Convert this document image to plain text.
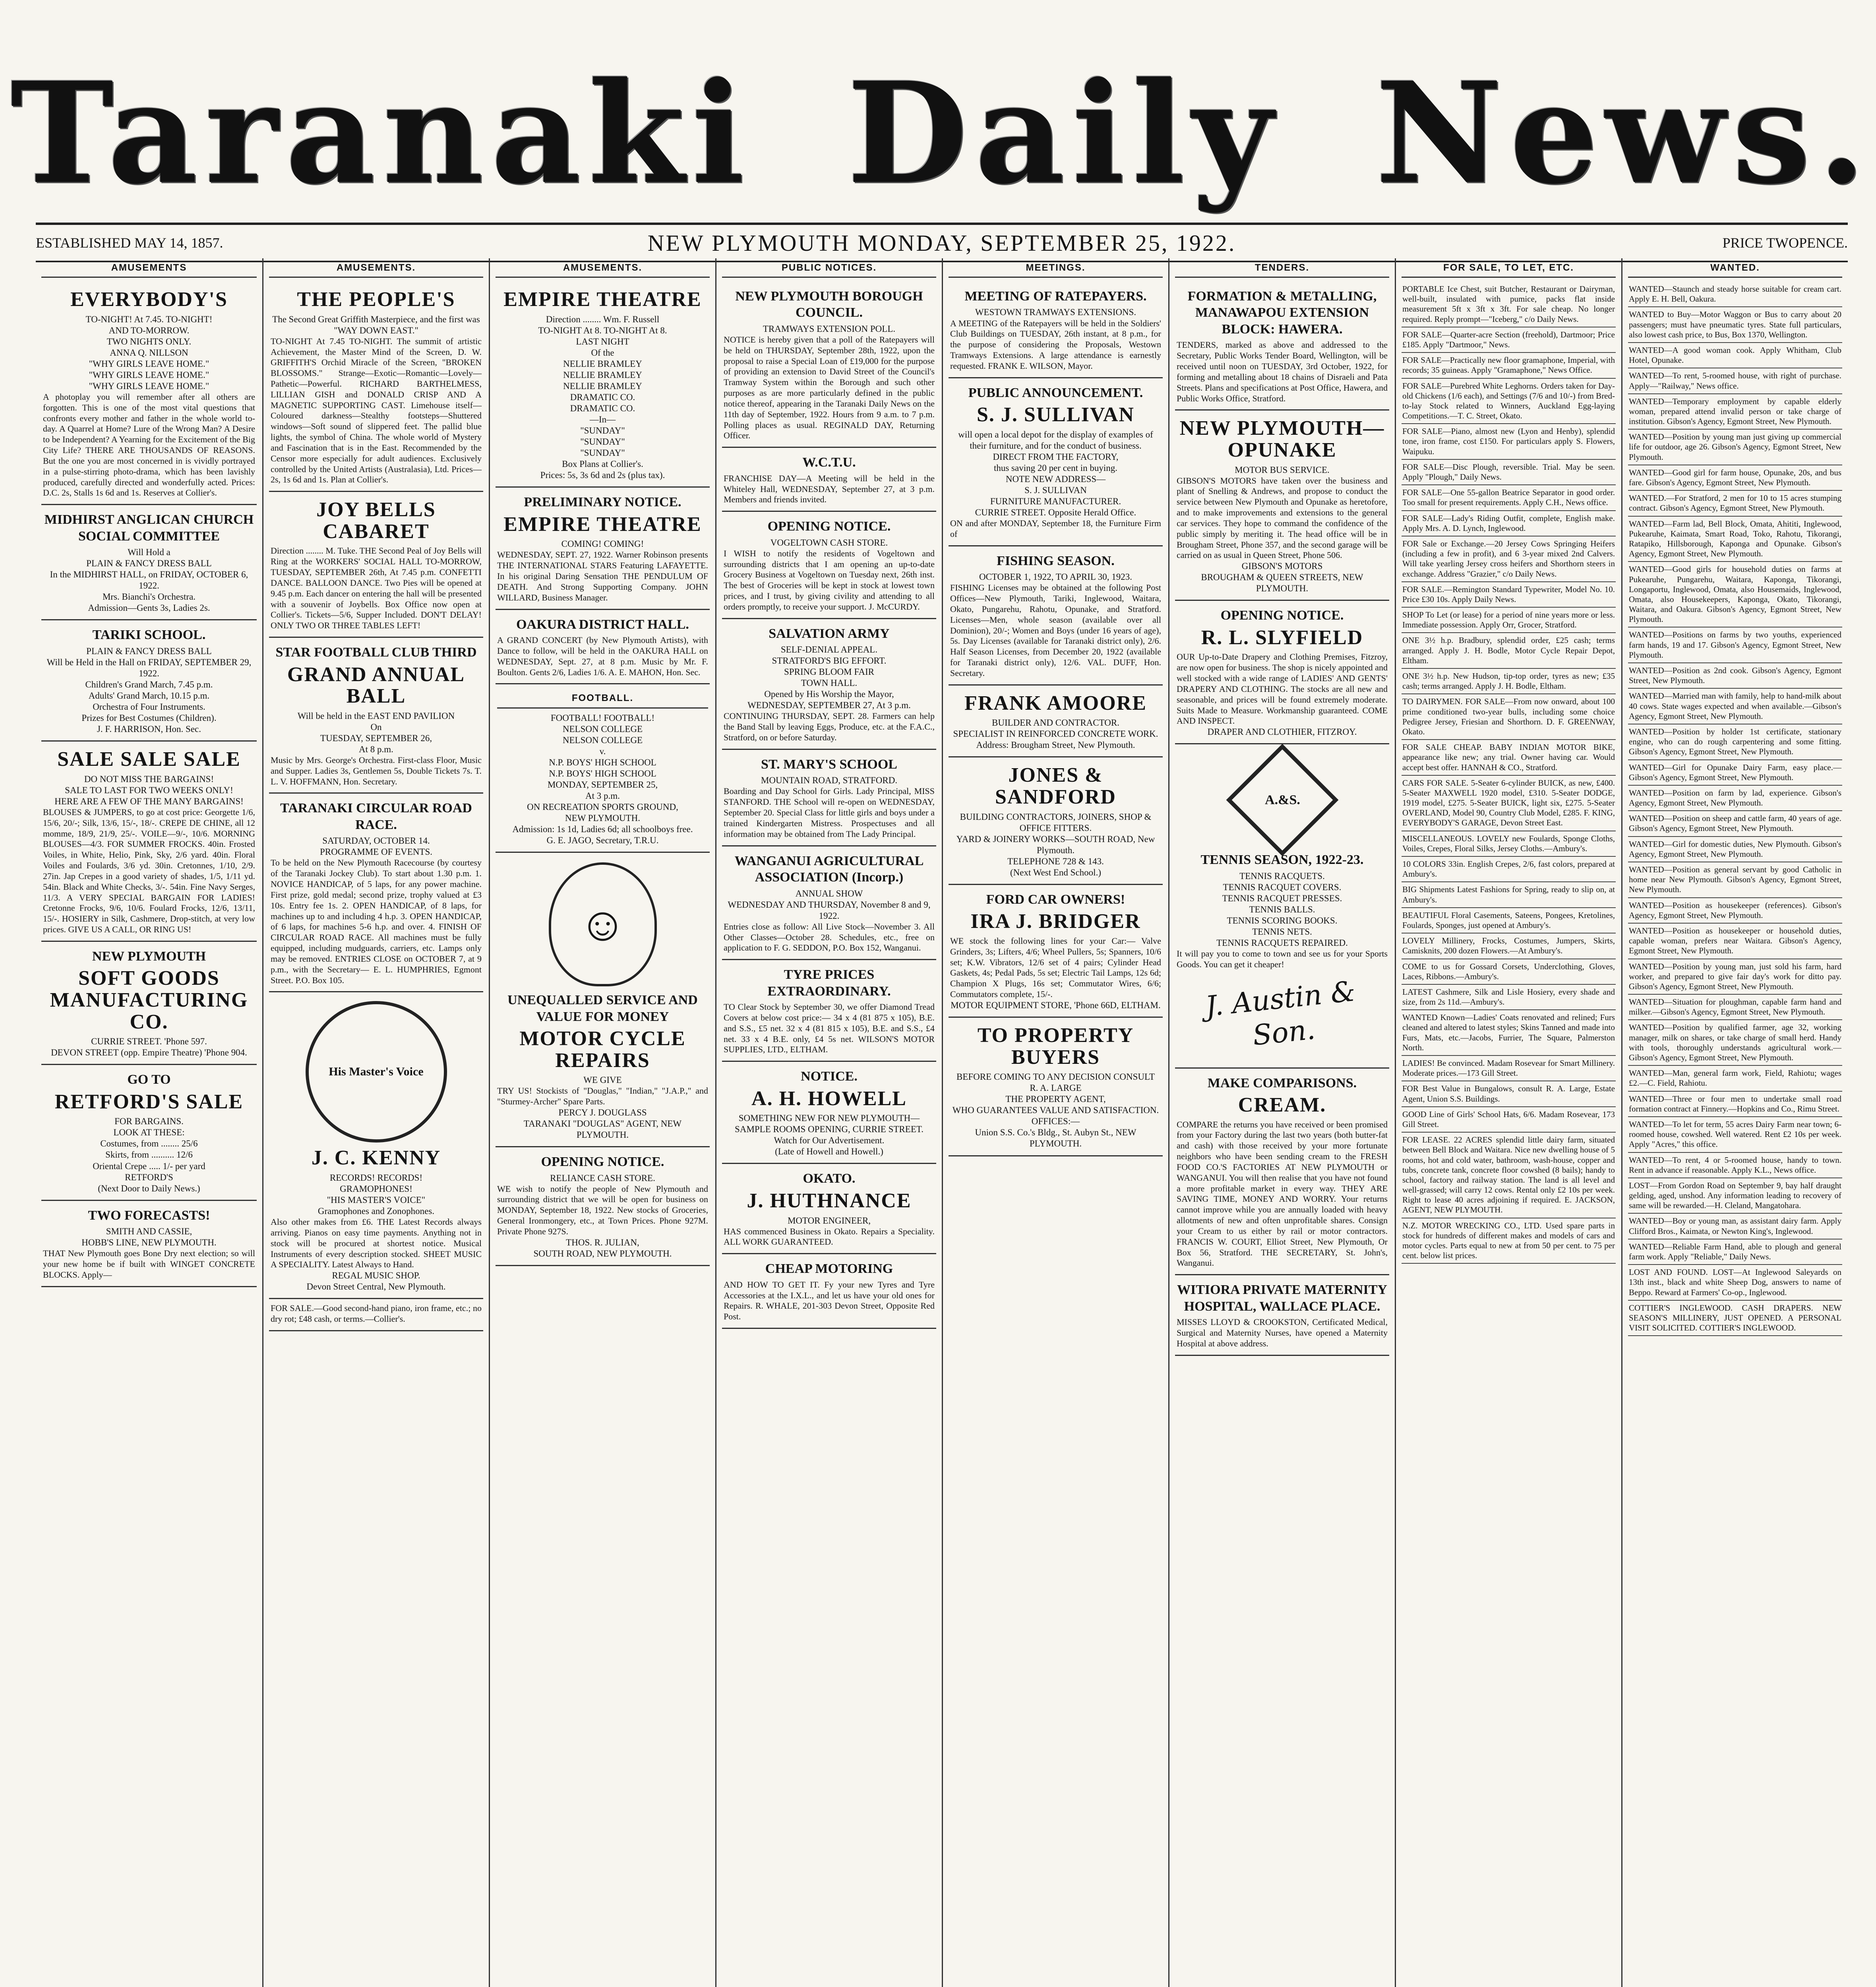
Taranaki Daily News.
ESTABLISHED MAY 14, 1857.	NEW PLYMOUTH MONDAY, SEPTEMBER 25, 1922.	PRICE TWOPENCE.
AMUSEMENTS
EVERYBODY'S
TO-NIGHT! At 7.45. TO-NIGHT!
AND TO-MORROW.
TWO NIGHTS ONLY.
ANNA Q. NILLSON
"WHY GIRLS LEAVE HOME."
"WHY GIRLS LEAVE HOME."
"WHY GIRLS LEAVE HOME."
A photoplay you will remember after all others are forgotten. This is one of the most vital questions that confronts every mother and father in the whole world to-day. A Quarrel at Home? Lure of the Wrong Man? A Desire to be Independent? A Yearning for the Excitement of the Big City Life? THERE ARE THOUSANDS OF REASONS. But the one you are most concerned in is vividly portrayed in a pulse-stirring photo-drama, which has been lavishly produced, carefully directed and wonderfully acted. Prices: D.C. 2s, Stalls 1s 6d and 1s. Reserves at Collier's.
MIDHIRST ANGLICAN CHURCH SOCIAL COMMITTEE
Will Hold a
PLAIN & FANCY DRESS BALL
In the MIDHIRST HALL, on FRIDAY, OCTOBER 6, 1922.
Mrs. Bianchi's Orchestra.
Admission—Gents 3s, Ladies 2s.
TARIKI SCHOOL.
PLAIN & FANCY DRESS BALL
Will be Held in the Hall on FRIDAY, SEPTEMBER 29, 1922.
Children's Grand March, 7.45 p.m.
Adults' Grand March, 10.15 p.m.
Orchestra of Four Instruments.
Prizes for Best Costumes (Children).
J. F. HARRISON, Hon. Sec.
SALE SALE SALE
DO NOT MISS THE BARGAINS!
SALE TO LAST FOR TWO WEEKS ONLY!
HERE ARE A FEW OF THE MANY BARGAINS!
BLOUSES & JUMPERS, to go at cost price: Georgette 1/6, 15/6, 20/-; Silk, 13/6, 15/-, 18/-. CREPE DE CHINE, all 12 momme, 18/9, 21/9, 25/-. VOILE—9/-, 10/6. MORNING BLOUSES—4/3. FOR SUMMER FROCKS. 40in. Frosted Voiles, in White, Helio, Pink, Sky, 2/6 yard. 40in. Floral Voiles and Foulards, 3/6 yd. 30in. Cretonnes, 1/10, 2/9. 27in. Jap Crepes in a good variety of shades, 1/5, 1/11 yd. 54in. Black and White Checks, 3/-. 54in. Fine Navy Serges, 11/3. A VERY SPECIAL BARGAIN FOR LADIES! Cretonne Frocks, 9/6, 10/6. Foulard Frocks, 12/6, 13/11, 15/-. HOSIERY in Silk, Cashmere, Drop-stitch, at very low prices. GIVE US A CALL, OR RING US!
NEW PLYMOUTH
SOFT GOODS MANUFACTURING CO.
CURRIE STREET. 'Phone 597.
DEVON STREET (opp. Empire Theatre) 'Phone 904.
GO TO
RETFORD'S SALE
FOR BARGAINS.
LOOK AT THESE:
Costumes, from ........ 25/6
Skirts, from .......... 12/6
Oriental Crepe ..... 1/- per yard
RETFORD'S
(Next Door to Daily News.)
TWO FORECASTS!
SMITH AND CASSIE,
HOBB'S LINE, NEW PLYMOUTH.
THAT New Plymouth goes Bone Dry next election; so will your new home be if built with WINGET CONCRETE BLOCKS. Apply—
AMUSEMENTS.
THE PEOPLE'S
The Second Great Griffith Masterpiece, and the first was
"WAY DOWN EAST."
TO-NIGHT At 7.45 TO-NIGHT. The summit of artistic Achievement, the Master Mind of the Screen, D. W. GRIFFITH'S Orchid Miracle of the Screen, "BROKEN BLOSSOMS." Strange—Exotic—Romantic—Lovely—Pathetic—Powerful. RICHARD BARTHELMESS, LILLIAN GISH and DONALD CRISP AND A MAGNETIC SUPPORTING CAST. Limehouse itself—Coloured darkness—Stealthy footsteps—Shuttered windows—Soft sound of slippered feet. The pallid blue lights, the symbol of China. The whole world of Mystery and Fascination that is in the East. Recommended by the Censor more especially for adult audiences. Exclusively controlled by the United Artists (Australasia), Ltd. Prices—2s, 1s 6d and 1s. Plan at Collier's.
JOY BELLS CABARET
Direction ........ M. Tuke. THE Second Peal of Joy Bells will Ring at the WORKERS' SOCIAL HALL TO-MORROW, TUESDAY, SEPTEMBER 26th, At 7.45 p.m. CONFETTI DANCE. BALLOON DANCE. Two Pies will be opened at 9.45 p.m. Each dancer on entering the hall will be presented with a souvenir of Joybells. Box Office now open at Collier's. Tickets—5/6, Supper Included. DON'T DELAY! ONLY TWO OR THREE TABLES LEFT!
STAR FOOTBALL CLUB THIRD
GRAND ANNUAL BALL
Will be held in the EAST END PAVILION
On
TUESDAY, SEPTEMBER 26,
At 8 p.m.
Music by Mrs. George's Orchestra. First-class Floor, Music and Supper. Ladies 3s, Gentlemen 5s, Double Tickets 7s. T. L. V. HOFFMANN, Hon. Secretary.
TARANAKI CIRCULAR ROAD RACE.
SATURDAY, OCTOBER 14.
PROGRAMME OF EVENTS.
To be held on the New Plymouth Racecourse (by courtesy of the Taranaki Jockey Club). To start about 1.30 p.m. 1. NOVICE HANDICAP, of 5 laps, for any power machine. First prize, gold medal; second prize, trophy valued at £3 10s. Entry fee 1s. 2. OPEN HANDICAP, of 8 laps, for machines up to and including 4 h.p. 3. OPEN HANDICAP, of 6 laps, for machines 5-6 h.p. and over. 4. FINISH OF CIRCULAR ROAD RACE. All machines must be fully equipped, including mudguards, carriers, etc. Lamps only may be removed. ENTRIES CLOSE on OCTOBER 7, at 9 p.m., with the Secretary— E. L. HUMPHRIES, Egmont Street. P.O. Box 105.
His Master's Voice
J. C. KENNY
RECORDS! RECORDS!
GRAMOPHONES!
"HIS MASTER'S VOICE"
Gramophones and Zonophones.
Also other makes from £6. THE Latest Records always arriving. Pianos on easy time payments. Anything not in stock will be procured at shortest notice. Musical Instruments of every description stocked. SHEET MUSIC A SPECIALITY. Latest Always to Hand.
REGAL MUSIC SHOP.
Devon Street Central, New Plymouth.
FOR SALE.—Good second-hand piano, iron frame, etc.; no dry rot; £48 cash, or terms.—Collier's.
AMUSEMENTS.
EMPIRE THEATRE
Direction ........ Wm. F. Russell
TO-NIGHT At 8. TO-NIGHT At 8.
LAST NIGHT
Of the
NELLIE BRAMLEY
NELLIE BRAMLEY
NELLIE BRAMLEY
DRAMATIC CO.
DRAMATIC CO.
—In—
"SUNDAY"
"SUNDAY"
"SUNDAY"
Box Plans at Collier's.
Prices: 5s, 3s 6d and 2s (plus tax).
PRELIMINARY NOTICE.
EMPIRE THEATRE
COMING! COMING!
WEDNESDAY, SEPT. 27, 1922. Warner Robinson presents THE INTERNATIONAL STARS Featuring LAFAYETTE. In his original Daring Sensation THE PENDULUM OF DEATH. And Strong Supporting Company. JOHN WILLARD, Business Manager.
OAKURA DISTRICT HALL.
A GRAND CONCERT (by New Plymouth Artists), with Dance to follow, will be held in the OAKURA HALL on WEDNESDAY, Sept. 27, at 8 p.m. Music by Mr. F. Boulton. Gents 2/6, Ladies 1/6. A. E. MAHON, Hon. Sec.
FOOTBALL.
FOOTBALL! FOOTBALL!
NELSON COLLEGE
NELSON COLLEGE
v.
N.P. BOYS' HIGH SCHOOL
N.P. BOYS' HIGH SCHOOL
MONDAY, SEPTEMBER 25,
At 3 p.m.
ON RECREATION SPORTS GROUND,
NEW PLYMOUTH.
Admission: 1s 1d, Ladies 6d; all schoolboys free.
G. E. JAGO, Secretary, T.R.U.
☺
UNEQUALLED SERVICE AND VALUE FOR MONEY
MOTOR CYCLE REPAIRS
WE GIVE
TRY US! Stockists of "Douglas," "Indian," "J.A.P.," and "Sturmey-Archer" Spare Parts.
PERCY J. DOUGLASS
TARANAKI "DOUGLAS" AGENT, NEW PLYMOUTH.
OPENING NOTICE.
RELIANCE CASH STORE.
WE wish to notify the people of New Plymouth and surrounding district that we will be open for business on MONDAY, September 18, 1922. New stocks of Groceries, General Ironmongery, etc., at Town Prices. Phone 927M. Private Phone 927S.
THOS. R. JULIAN,
SOUTH ROAD, NEW PLYMOUTH.
PUBLIC NOTICES.
NEW PLYMOUTH BOROUGH COUNCIL.
TRAMWAYS EXTENSION POLL.
NOTICE is hereby given that a poll of the Ratepayers will be held on THURSDAY, September 28th, 1922, upon the proposal to raise a Special Loan of £19,000 for the purpose of providing an extension to David Street of the Council's Tramway System within the Borough and such other purposes as are more particularly defined in the public notice thereof, appearing in the Taranaki Daily News on the 11th day of September, 1922. Hours from 9 a.m. to 7 p.m. Polling places as usual. REGINALD DAY, Returning Officer.
W.C.T.U.
FRANCHISE DAY—A Meeting will be held in the Whiteley Hall, WEDNESDAY, September 27, at 3 p.m. Members and friends invited.
OPENING NOTICE.
VOGELTOWN CASH STORE.
I WISH to notify the residents of Vogeltown and surrounding districts that I am opening an up-to-date Grocery Business at Vogeltown on Tuesday next, 26th inst. The best of Groceries will be kept in stock at lowest town prices, and I trust, by giving civility and attending to all orders promptly, to receive your support. J. McCURDY.
SALVATION ARMY
SELF-DENIAL APPEAL.
STRATFORD'S BIG EFFORT.
SPRING BLOOM FAIR
TOWN HALL.
Opened by His Worship the Mayor,
WEDNESDAY, SEPTEMBER 27, At 3 p.m.
CONTINUING THURSDAY, SEPT. 28. Farmers can help the Band Stall by leaving Eggs, Produce, etc. at the F.A.C., Stratford, on or before Saturday.
ST. MARY'S SCHOOL
MOUNTAIN ROAD, STRATFORD.
Boarding and Day School for Girls. Lady Principal, MISS STANFORD. THE School will re-open on WEDNESDAY, September 20. Special Class for little girls and boys under a trained Kindergarten Mistress. Prospectuses and all information may be obtained from The Lady Principal.
WANGANUI AGRICULTURAL ASSOCIATION (Incorp.)
ANNUAL SHOW
WEDNESDAY AND THURSDAY, November 8 and 9, 1922.
Entries close as follow: All Live Stock—November 3. All Other Classes—October 28. Schedules, etc., free on application to F. G. SEDDON, P.O. Box 152, Wanganui.
TYRE PRICES EXTRAORDINARY.
TO Clear Stock by September 30, we offer Diamond Tread Covers at below cost price:— 34 x 4 (81 875 x 105), B.E. and S.S., £5 net. 32 x 4 (81 815 x 105), B.E. and S.S., £4 net. 33 x 4 B.E. only, £4 5s net. WILSON'S MOTOR SUPPLIES, LTD., ELTHAM.
NOTICE.
A. H. HOWELL
SOMETHING NEW FOR NEW PLYMOUTH—
SAMPLE ROOMS OPENING, CURRIE STREET.
Watch for Our Advertisement.
(Late of Howell and Howell.)
OKATO.
J. HUTHNANCE
MOTOR ENGINEER,
HAS commenced Business in Okato. Repairs a Speciality. ALL WORK GUARANTEED.
CHEAP MOTORING
AND HOW TO GET IT. Fy your new Tyres and Tyre Accessories at the I.X.L., and let us have your old ones for Repairs. R. WHALE, 201-303 Devon Street, Opposite Red Post.
MEETINGS.
MEETING OF RATEPAYERS.
WESTOWN TRAMWAYS EXTENSIONS.
A MEETING of the Ratepayers will be held in the Soldiers' Club Buildings on TUESDAY, 26th instant, at 8 p.m., for the purpose of considering the Proposals, Westown Tramways Extensions. A large attendance is earnestly requested. FRANK E. WILSON, Mayor.
PUBLIC ANNOUNCEMENT.
S. J. SULLIVAN
will open a local depot for the display of examples of their furniture, and for the conduct of business.
DIRECT FROM THE FACTORY,
thus saving 20 per cent in buying.
NOTE NEW ADDRESS—
S. J. SULLIVAN
FURNITURE MANUFACTURER.
CURRIE STREET. Opposite Herald Office.
ON and after MONDAY, September 18, the Furniture Firm of
FISHING SEASON.
OCTOBER 1, 1922, TO APRIL 30, 1923.
FISHING Licenses may be obtained at the following Post Offices—New Plymouth, Tariki, Inglewood, Waitara, Okato, Pungarehu, Rahotu, Opunake, and Stratford. Licenses—Men, whole season (available over all Dominion), 20/-; Women and Boys (under 16 years of age), 5s. Day Licenses (available for Taranaki district only), 2/6. Half Season Licenses, from December 20, 1922 (available for Taranaki district only), 12/6. VAL. DUFF, Hon. Secretary.
FRANK AMOORE
BUILDER AND CONTRACTOR.
SPECIALIST IN REINFORCED CONCRETE WORK.
Address: Brougham Street, New Plymouth.
JONES & SANDFORD
BUILDING CONTRACTORS, JOINERS, SHOP & OFFICE FITTERS.
YARD & JOINERY WORKS—SOUTH ROAD, New Plymouth.
TELEPHONE 728 & 143.
(Next West End School.)
FORD CAR OWNERS!
IRA J. BRIDGER
WE stock the following lines for your Car:— Valve Grinders, 3s; Lifters, 4/6; Wheel Pullers, 5s; Spanners, 10/6 set; K.W. Vibrators, 12/6 set of 4 pairs; Cylinder Head Gaskets, 4s; Pedal Pads, 5s set; Electric Tail Lamps, 12s 6d; Champion X Plugs, 16s set; Commutator Wires, 6/6; Commutators complete, 15/-.
MOTOR EQUIPMENT STORE, 'Phone 66D, ELTHAM.
TO PROPERTY BUYERS
BEFORE COMING TO ANY DECISION CONSULT
R. A. LARGE
THE PROPERTY AGENT,
WHO GUARANTEES VALUE AND SATISFACTION.
OFFICES:—
Union S.S. Co.'s Bldg., St. Aubyn St., NEW PLYMOUTH.
TENDERS.
FORMATION & METALLING, MANAWAPOU EXTENSION BLOCK: HAWERA.
TENDERS, marked as above and addressed to the Secretary, Public Works Tender Board, Wellington, will be received until noon on TUESDAY, 3rd October, 1922, for forming and metalling about 18 chains of Disraeli and Pata Streets. Plans and specifications at Post Office, Hawera, and Public Works Office, Stratford.
NEW PLYMOUTH—OPUNAKE
MOTOR BUS SERVICE.
GIBSON'S MOTORS have taken over the business and plant of Snelling & Andrews, and propose to conduct the service between New Plymouth and Opunake as heretofore, and to make improvements and extensions to the general car services. They hope to command the confidence of the public simply by meriting it. The head office will be in Brougham Street, Phone 357, and the second garage will be carried on as usual in Queen Street, Phone 506.
GIBSON'S MOTORS
BROUGHAM & QUEEN STREETS, NEW PLYMOUTH.
OPENING NOTICE.
R. L. SLYFIELD
OUR Up-to-Date Drapery and Clothing Premises, Fitzroy, are now open for business. The shop is nicely appointed and well stocked with a wide range of LADIES' AND GENTS' DRAPERY AND CLOTHING. The stocks are all new and seasonable, and prices will be found extremely moderate. Suits Made to Measure. Workmanship guaranteed. COME AND INSPECT.
DRAPER AND CLOTHIER, FITZROY.
A.&S.
TENNIS SEASON, 1922-23.
TENNIS RACQUETS.
TENNIS RACQUET COVERS.
TENNIS RACQUET PRESSES.
TENNIS BALLS.
TENNIS SCORING BOOKS.
TENNIS NETS.
TENNIS RACQUETS REPAIRED.
It will pay you to come to town and see us for your Sports Goods. You can get it cheaper!
J. Austin & Son.
MAKE COMPARISONS.
CREAM.
COMPARE the returns you have received or been promised from your Factory during the last two years (both butter-fat and cash) with those received by your more fortunate neighbors who have been sending cream to the FRESH FOOD CO.'S FACTORIES AT NEW PLYMOUTH or WANGANUI. You will then realise that you have not found a more profitable market in every way. THEY ARE SAVING TIME, MONEY AND WORRY. Your returns cannot improve while you are annually loaded with heavy allotments of new and often unprofitable shares. Consign your Cream to us either by rail or motor contractors. FRANCIS W. COURT, Elliot Street, New Plymouth, Or Box 56, Stratford. THE SECRETARY, St. John's, Wanganui.
WITIORA PRIVATE MATERNITY HOSPITAL, WALLACE PLACE.
MISSES LLOYD & CROOKSTON, Certificated Medical, Surgical and Maternity Nurses, have opened a Maternity Hospital at above address.
FOR SALE, TO LET, ETC.
PORTABLE Ice Chest, suit Butcher, Restaurant or Dairyman, well-built, insulated with pumice, packs flat inside measurement 5ft x 3ft x 3ft. For sale cheap. No longer required. Reply prompt—"Iceberg," c/o Daily News.
FOR SALE—Quarter-acre Section (freehold), Dartmoor; Price £185. Apply "Dartmoor," News.
FOR SALE—Practically new floor gramaphone, Imperial, with records; 35 guineas. Apply "Gramaphone," News Office.
FOR SALE—Purebred White Leghorns. Orders taken for Day-old Chickens (1/6 each), and Settings (7/6 and 10/-) from Bred-to-lay Stock related to Winners, Auckland Egg-laying Competitions.—T. C. Street, Okato.
FOR SALE—Piano, almost new (Lyon and Henby), splendid tone, iron frame, cost £150. For particulars apply S. Flowers, Waipuku.
FOR SALE—Disc Plough, reversible. Trial. May be seen. Apply "Plough," Daily News.
FOR SALE—One 55-gallon Beatrice Separator in good order. Too small for present requirements. Apply C.H., News office.
FOR SALE—Lady's Riding Outfit, complete, English make. Apply Mrs. A. D. Lynch, Inglewood.
FOR Sale or Exchange.—20 Jersey Cows Springing Heifers (including a few in profit), and 6 3-year mixed 2nd Calvers. Will take yearling Jersey cross heifers and Shorthorn steers in exchange. Address "Grazier," c/o Daily News.
FOR SALE.—Remington Standard Typewriter, Model No. 10. Price £30 10s. Apply Daily News.
SHOP To Let (or lease) for a period of nine years more or less. Immediate possession. Apply Orr, Grocer, Stratford.
ONE 3½ h.p. Bradbury, splendid order, £25 cash; terms arranged. Apply J. H. Bodle, Motor Cycle Repair Depot, Eltham.
ONE 3½ h.p. New Hudson, tip-top order, tyres as new; £35 cash; terms arranged. Apply J. H. Bodle, Eltham.
TO DAIRYMEN. FOR SALE—From now onward, about 100 prime conditioned two-year bulls, including some choice Pedigree Jersey, Friesian and Shorthorn. D. F. GREENWAY, Okato.
FOR SALE CHEAP. BABY INDIAN MOTOR BIKE, appearance like new; any trial. Owner having car. Would accept best offer. HANNAH & CO., Stratford.
CARS FOR SALE. 5-Seater 6-cylinder BUICK, as new, £400. 5-Seater MAXWELL 1920 model, £310. 5-Seater DODGE, 1919 model, £275. 5-Seater BUICK, light six, £275. 5-Seater OVERLAND, Model 90, Country Club Model, £285. F. KING, EVERYBODY'S GARAGE, Devon Street East.
MISCELLANEOUS. LOVELY new Foulards, Sponge Cloths, Voiles, Crepes, Floral Silks, Jersey Cloths.—Ambury's.
10 COLORS 33in. English Crepes, 2/6, fast colors, prepared at Ambury's.
BIG Shipments Latest Fashions for Spring, ready to slip on, at Ambury's.
BEAUTIFUL Floral Casements, Sateens, Pongees, Kretolines, Foulards, Sponges, just opened at Ambury's.
LOVELY Millinery, Frocks, Costumes, Jumpers, Skirts, Camisknits, 200 dozen Flowers.—At Ambury's.
COME to us for Gossard Corsets, Underclothing, Gloves, Laces, Ribbons.—Ambury's.
LATEST Cashmere, Silk and Lisle Hosiery, every shade and size, from 2s 11d.—Ambury's.
WANTED Known—Ladies' Coats renovated and relined; Furs cleaned and altered to latest styles; Skins Tanned and made into Furs, Mats, etc.—Jacobs, Furrier, The Square, Palmerston North.
LADIES! Be convinced. Madam Rosevear for Smart Millinery. Moderate prices.—173 Gill Street.
FOR Best Value in Bungalows, consult R. A. Large, Estate Agent, Union S.S. Buildings.
GOOD Line of Girls' School Hats, 6/6. Madam Rosevear, 173 Gill Street.
FOR LEASE. 22 ACRES splendid little dairy farm, situated between Bell Block and Waitara. Nice new dwelling house of 5 rooms, hot and cold water, bathroom, wash-house, copper and tubs, concrete tank, concrete floor cowshed (8 bails); handy to school, factory and railway station. The land is all level and well-grassed; will carry 12 cows. Rental only £2 10s per week. Right to lease 40 acres adjoining if required. E. JACKSON, AGENT, NEW PLYMOUTH.
N.Z. MOTOR WRECKING CO., LTD. Used spare parts in stock for hundreds of different makes and models of cars and motor cycles. Parts equal to new at from 50 per cent. to 75 per cent. below list prices.
WANTED.
WANTED—Staunch and steady horse suitable for cream cart. Apply E. H. Bell, Oakura.
WANTED to Buy—Motor Waggon or Bus to carry about 20 passengers; must have pneumatic tyres. State full particulars, also lowest cash price, to Bus, Box 1370, Wellington.
WANTED—A good woman cook. Apply Whitham, Club Hotel, Opunake.
WANTED—To rent, 5-roomed house, with right of purchase. Apply—"Railway," News office.
WANTED—Temporary employment by capable elderly woman, prepared attend invalid person or take charge of institution. Gibson's Agency, Egmont Street, New Plymouth.
WANTED—Position by young man just giving up commercial life for outdoor, age 26. Gibson's Agency, Egmont Street, New Plymouth.
WANTED—Good girl for farm house, Opunake, 20s, and bus fare. Gibson's Agency, Egmont Street, New Plymouth.
WANTED.—For Stratford, 2 men for 10 to 15 acres stumping contract. Gibson's Agency, Egmont Street, New Plymouth.
WANTED—Farm lad, Bell Block, Omata, Ahititi, Inglewood, Pukearuhe, Kaimata, Smart Road, Toko, Rahotu, Tikorangi, Ratapiko, Hillsborough, Kaponga and Opunake. Gibson's Agency, Egmont Street, New Plymouth.
WANTED—Good girls for household duties on farms at Pukearuhe, Pungarehu, Waitara, Kaponga, Tikorangi, Longaportu, Inglewood, Omata, also Housemaids, Inglewood, Omata, also Housekeepers, Kaponga, Okato, Tikorangi, Waitara, and Oakura. Gibson's Agency, Egmont Street, New Plymouth.
WANTED—Positions on farms by two youths, experienced farm hands, 19 and 17. Gibson's Agency, Egmont Street, New Plymouth.
WANTED—Position as 2nd cook. Gibson's Agency, Egmont Street, New Plymouth.
WANTED—Married man with family, help to hand-milk about 40 cows. State wages expected and when available.—Gibson's Agency, Egmont Street, New Plymouth.
WANTED—Position by holder 1st certificate, stationary engine, who can do rough carpentering and some fitting. Gibson's Agency, Egmont Street, New Plymouth.
WANTED—Girl for Opunake Dairy Farm, easy place.—Gibson's Agency, Egmont Street, New Plymouth.
WANTED—Position on farm by lad, experience. Gibson's Agency, Egmont Street, New Plymouth.
WANTED—Position on sheep and cattle farm, 40 years of age. Gibson's Agency, Egmont Street, New Plymouth.
WANTED—Girl for domestic duties, New Plymouth. Gibson's Agency, Egmont Street, New Plymouth.
WANTED—Position as general servant by good Catholic in home near New Plymouth. Gibson's Agency, Egmont Street, New Plymouth.
WANTED—Position as housekeeper (references). Gibson's Agency, Egmont Street, New Plymouth.
WANTED—Position as housekeeper or household duties, capable woman, prefers near Waitara. Gibson's Agency, Egmont Street, New Plymouth.
WANTED—Position by young man, just sold his farm, hard worker, and prepared to give fair day's work for ditto pay. Gibson's Agency, Egmont Street, New Plymouth.
WANTED—Situation for ploughman, capable farm hand and milker.—Gibson's Agency, Egmont Street, New Plymouth.
WANTED—Position by qualified farmer, age 32, working manager, milk on shares, or take charge of small herd. Handy with tools, thoroughly understands agricultural work.—Gibson's Agency, Egmont Street, New Plymouth.
WANTED—Man, general farm work, Field, Rahiotu; wages £2.—C. Field, Rahiotu.
WANTED—Three or four men to undertake small road formation contract at Finnery.—Hopkins and Co., Rimu Street.
WANTED—To let for term, 55 acres Dairy Farm near town; 6-roomed house, cowshed. Well watered. Rent £2 10s per week. Apply "Acres," this office.
WANTED—To rent, 4 or 5-roomed house, handy to town. Rent in advance if reasonable. Apply K.L., News office.
LOST—From Gordon Road on September 9, bay half draught gelding, aged, unshod. Any information leading to recovery of same will be rewarded.—H. Cleland, Mangatohara.
WANTED—Boy or young man, as assistant dairy farm. Apply Clifford Bros., Kaimata, or Newton King's, Inglewood.
WANTED—Reliable Farm Hand, able to plough and general farm work. Apply "Reliable," Daily News.
LOST AND FOUND. LOST—At Inglewood Saleyards on 13th inst., black and white Sheep Dog, answers to name of Beppo. Reward at Farmers' Co-op., Inglewood.
COTTIER'S INGLEWOOD. CASH DRAPERS. NEW SEASON'S MILLINERY, JUST OPENED. A PERSONAL VISIT SOLICITED. COTTIER'S INGLEWOOD.
